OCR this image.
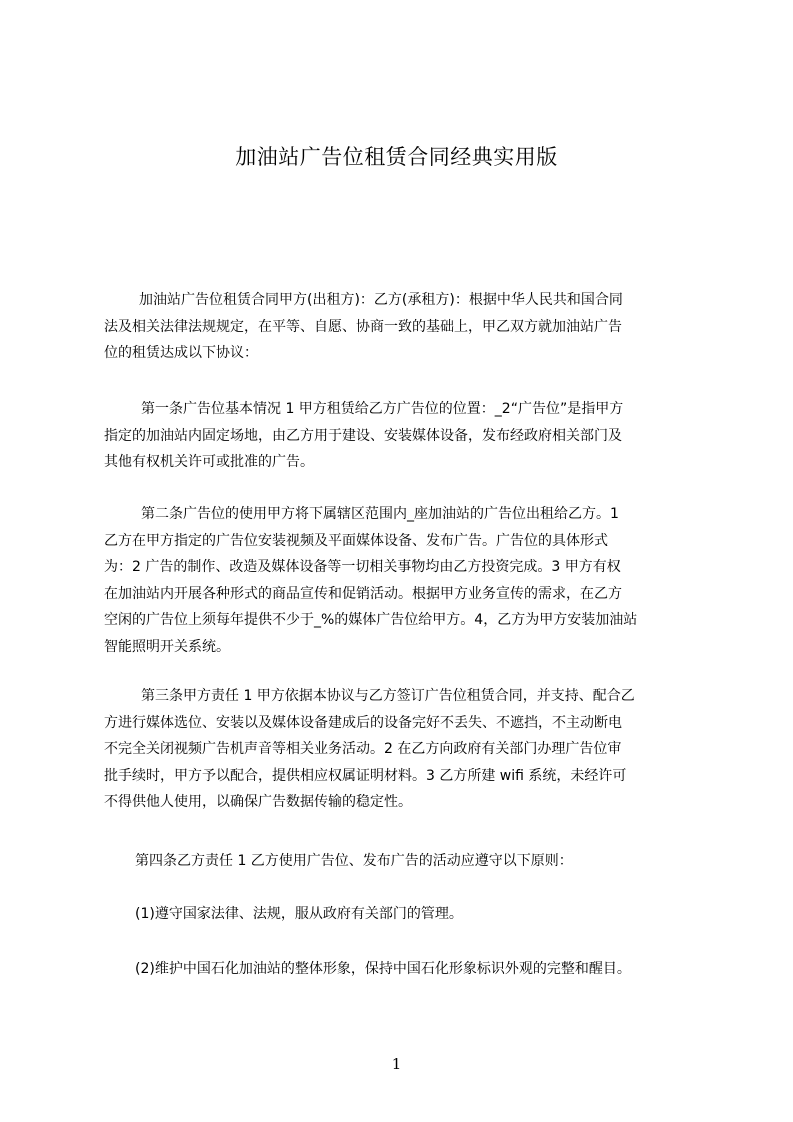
加油站广告位租赁合同经典实用版
加油站广告位租赁合同甲方(出租方)：乙方(承租方)：根据中华人民共和国合同
法及相关法律法规规定，在平等、自愿、协商一致的基础上，甲乙双方就加油站广告
位的租赁达成以下协议：
第一条广告位基本情况 1 甲方租赁给乙方广告位的位置：_2“广告位”是指甲方
指定的加油站内固定场地，由乙方用于建设、安装媒体设备，发布经政府相关部门及
其他有权机关许可或批准的广告。
第二条广告位的使用甲方将下属辖区范围内_座加油站的广告位出租给乙方。1
乙方在甲方指定的广告位安装视频及平面媒体设备、发布广告。广告位的具体形式
为：2 广告的制作、改造及媒体设备等一切相关事物均由乙方投资完成。3 甲方有权
在加油站内开展各种形式的商品宣传和促销活动。根据甲方业务宣传的需求，在乙方
空闲的广告位上须每年提供不少于_%的媒体广告位给甲方。4，乙方为甲方安装加油站
智能照明开关系统。
第三条甲方责任 1 甲方依据本协议与乙方签订广告位租赁合同，并支持、配合乙
方进行媒体选位、安装以及媒体设备建成后的设备完好不丢失、不遮挡，不主动断电
不完全关闭视频广告机声音等相关业务活动。2 在乙方向政府有关部门办理广告位审
批手续时，甲方予以配合，提供相应权属证明材料。3 乙方所建 wifi 系统，未经许可
不得供他人使用，以确保广告数据传输的稳定性。
第四条乙方责任 1 乙方使用广告位、发布广告的活动应遵守以下原则：
(1)遵守国家法律、法规，服从政府有关部门的管理。
(2)维护中国石化加油站的整体形象，保持中国石化形象标识外观的完整和醒目。
1
